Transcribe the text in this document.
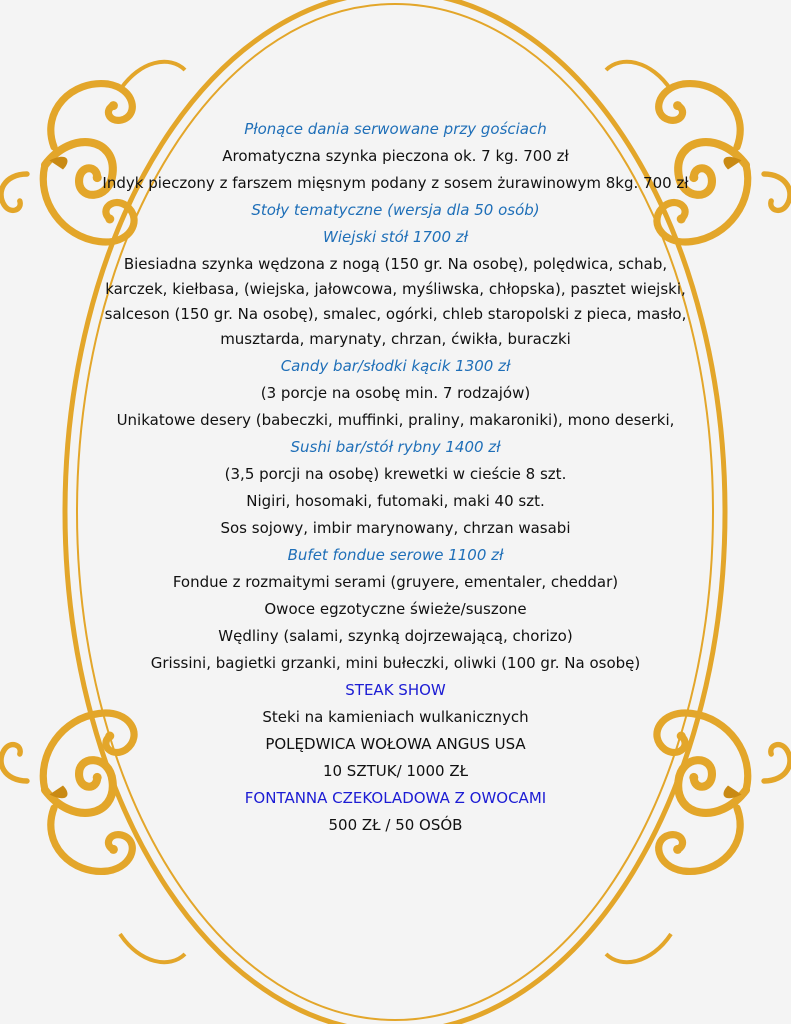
Płonące dania serwowane przy gościach
Aromatyczna szynka pieczona ok. 7 kg. 700 zł
Indyk pieczony z farszem mięsnym podany z sosem żurawinowym 8kg. 700 zł
Stoły tematyczne (wersja dla 50 osób)
Wiejski stół 1700 zł
Biesiadna szynka wędzona z nogą (150 gr. Na osobę), polędwica, schab, karczek, kiełbasa, (wiejska, jałowcowa, myśliwska, chłopska), pasztet wiejski, salceson (150 gr. Na osobę), smalec, ogórki, chleb staropolski z pieca, masło, musztarda, marynaty, chrzan, ćwikła, buraczki
Candy bar/słodki kącik 1300 zł
(3 porcje na osobę min. 7 rodzajów)
Unikatowe desery (babeczki, muffinki, praliny, makaroniki), mono deserki,
Sushi bar/stół rybny 1400 zł
(3,5 porcji na osobę) krewetki w cieście 8 szt.
Nigiri, hosomaki, futomaki, maki 40 szt.
Sos sojowy, imbir marynowany, chrzan wasabi
Bufet fondue serowe 1100 zł
Fondue z rozmaitymi serami (gruyere, ementaler, cheddar)
Owoce egzotyczne świeże/suszone
Wędliny (salami, szynką dojrzewającą, chorizo)
Grissini, bagietki grzanki, mini bułeczki, oliwki (100 gr. Na osobę)
STEAK SHOW
Steki na kamieniach wulkanicznych
POLĘDWICA WOŁOWA ANGUS USA
10 SZTUK/ 1000 ZŁ
FONTANNA CZEKOLADOWA Z OWOCAMI
500 ZŁ / 50 OSÓB
